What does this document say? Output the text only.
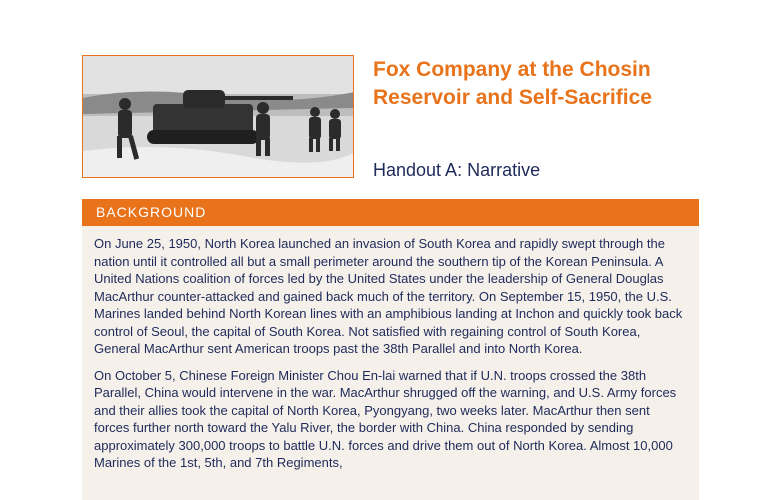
Fox Company at the Chosin Reservoir and Self-Sacrifice
Handout A: Narrative
BACKGROUND

On June 25, 1950, North Korea launched an invasion of South Korea and rapidly swept through the nation until it controlled all but a small perimeter around the southern tip of the Korean Peninsula. A United Nations coalition of forces led by the United States under the leadership of General Douglas MacArthur counter-attacked and gained back much of the territory. On September 15, 1950, the U.S. Marines landed behind North Korean lines with an amphibious landing at Inchon and quickly took back control of Seoul, the capital of South Korea. Not satisfied with regaining control of South Korea, General MacArthur sent American troops past the 38th Parallel and into North Korea.

On October 5, Chinese Foreign Minister Chou En-lai warned that if U.N. troops crossed the 38th Parallel, China would intervene in the war. MacArthur shrugged off the warning, and U.S. Army forces and their allies took the capital of North Korea, Pyongyang, two weeks later. MacArthur then sent forces further north toward the Yalu River, the border with China. China responded by sending approximately 300,000 troops to battle U.N. forces and drive them out of North Korea. Almost 10,000 Marines of the 1st, 5th, and 7th Regiments,
